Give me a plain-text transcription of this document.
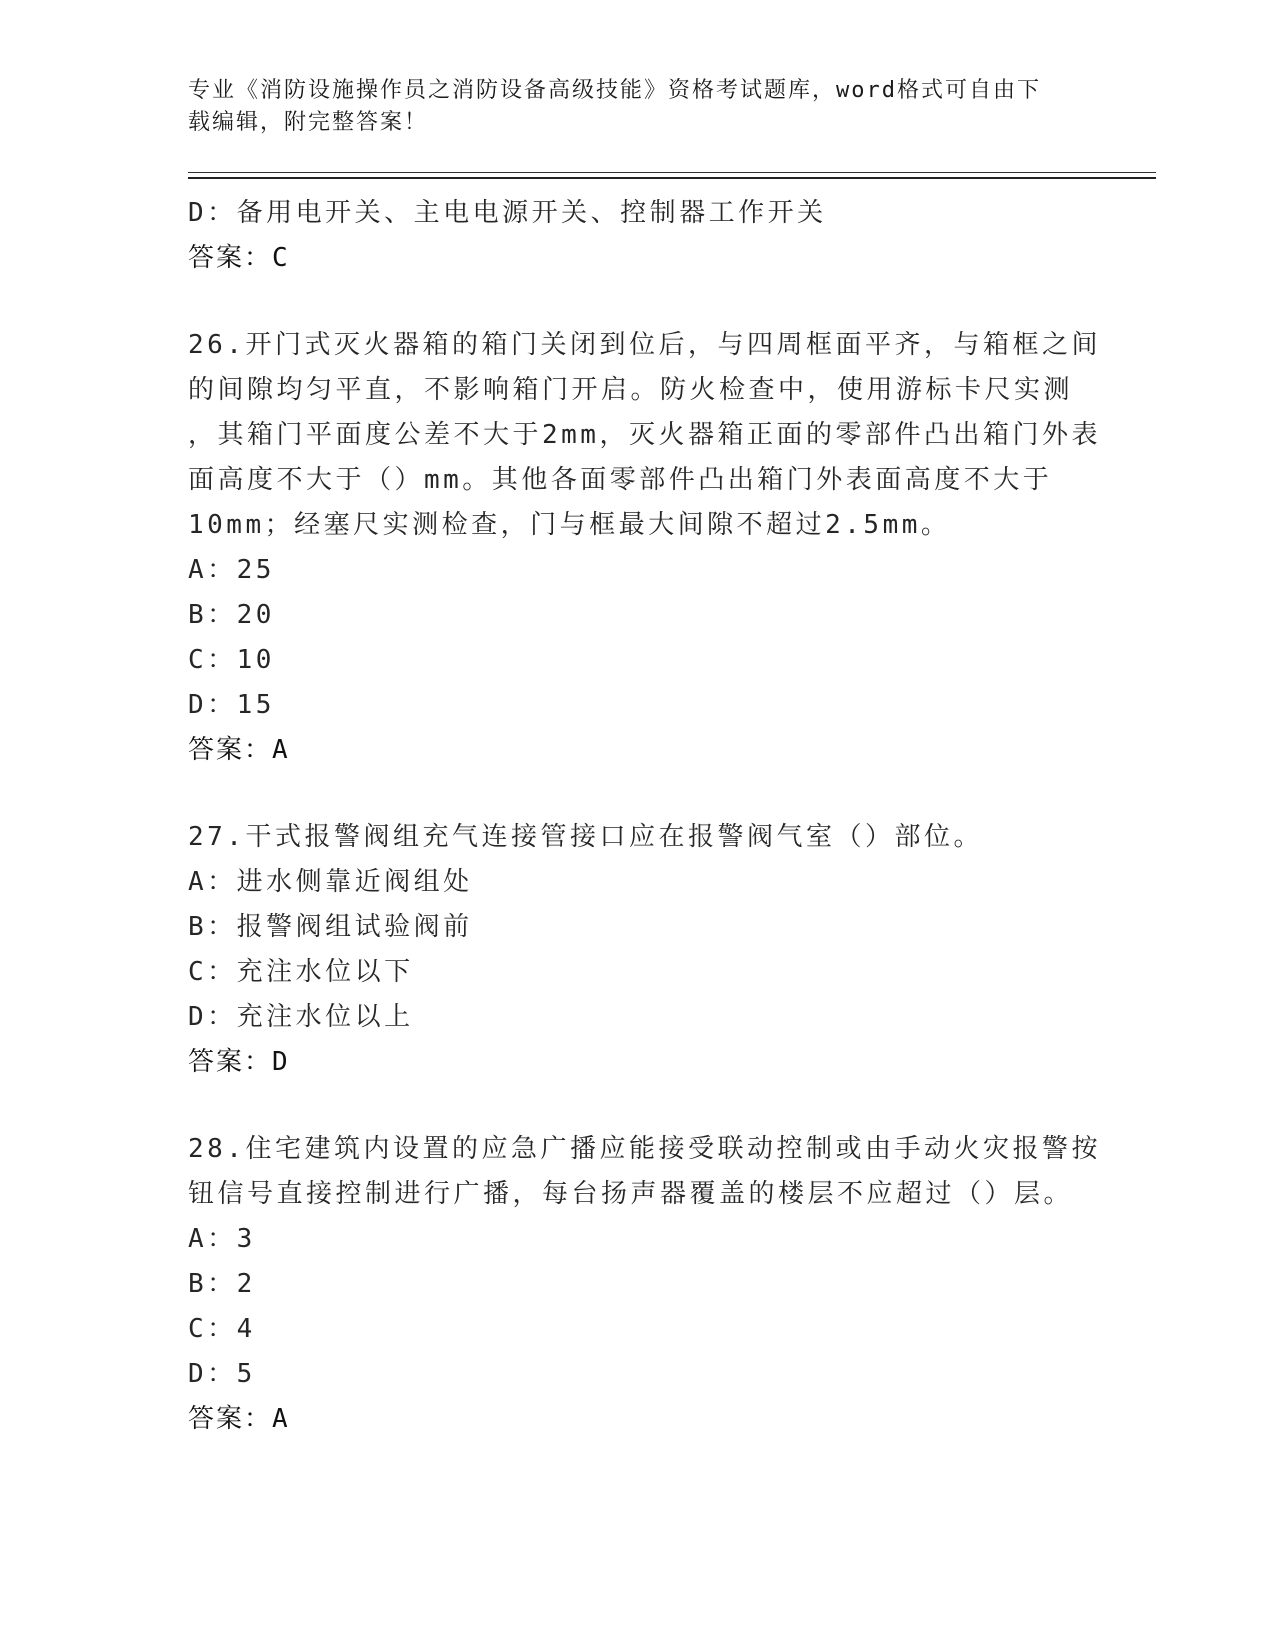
专业《消防设施操作员之消防设备高级技能》资格考试题库，word格式可自由下
载编辑，附完整答案！
D：备用电开关、主电电源开关、控制器工作开关
答案：C
26.开门式灭火器箱的箱门关闭到位后，与四周框面平齐，与箱框之间
的间隙均匀平直，不影响箱门开启。防火检查中，使用游标卡尺实测
，其箱门平面度公差不大于2mm，灭火器箱正面的零部件凸出箱门外表
面高度不大于（）mm。其他各面零部件凸出箱门外表面高度不大于
10mm；经塞尺实测检查，门与框最大间隙不超过2.5mm。
A：25
B：20
C：10
D：15
答案：A
27.干式报警阀组充气连接管接口应在报警阀气室（）部位。
A：进水侧靠近阀组处
B：报警阀组试验阀前
C：充注水位以下
D：充注水位以上
答案：D
28.住宅建筑内设置的应急广播应能接受联动控制或由手动火灾报警按
钮信号直接控制进行广播，每台扬声器覆盖的楼层不应超过（）层。
A：3
B：2
C：4
D：5
答案：A
